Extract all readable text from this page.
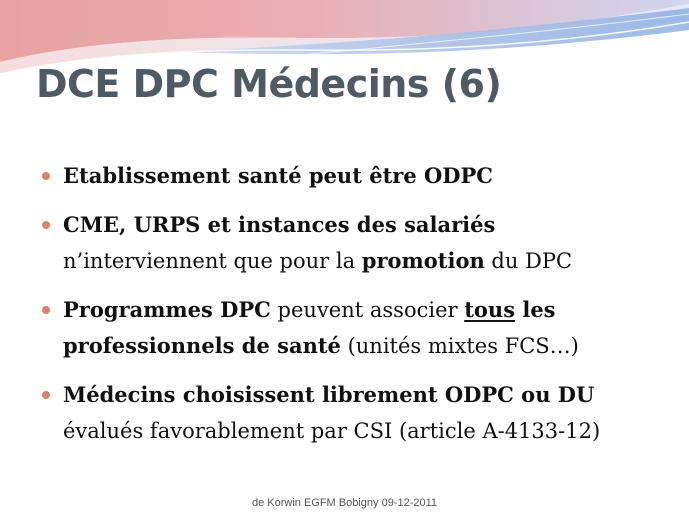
DCE DPC Médecins (6)
Etablissement santé peut être ODPC
CME, URPS et instances des salariés
n’interviennent que pour la promotion du DPC
Programmes DPC peuvent associer tous les
professionnels de santé (unités mixtes FCS…)
Médecins choisissent librement ODPC ou DU
évalués favorablement par CSI (article A-4133-12)
de Korwin EGFM Bobigny 09-12-2011
